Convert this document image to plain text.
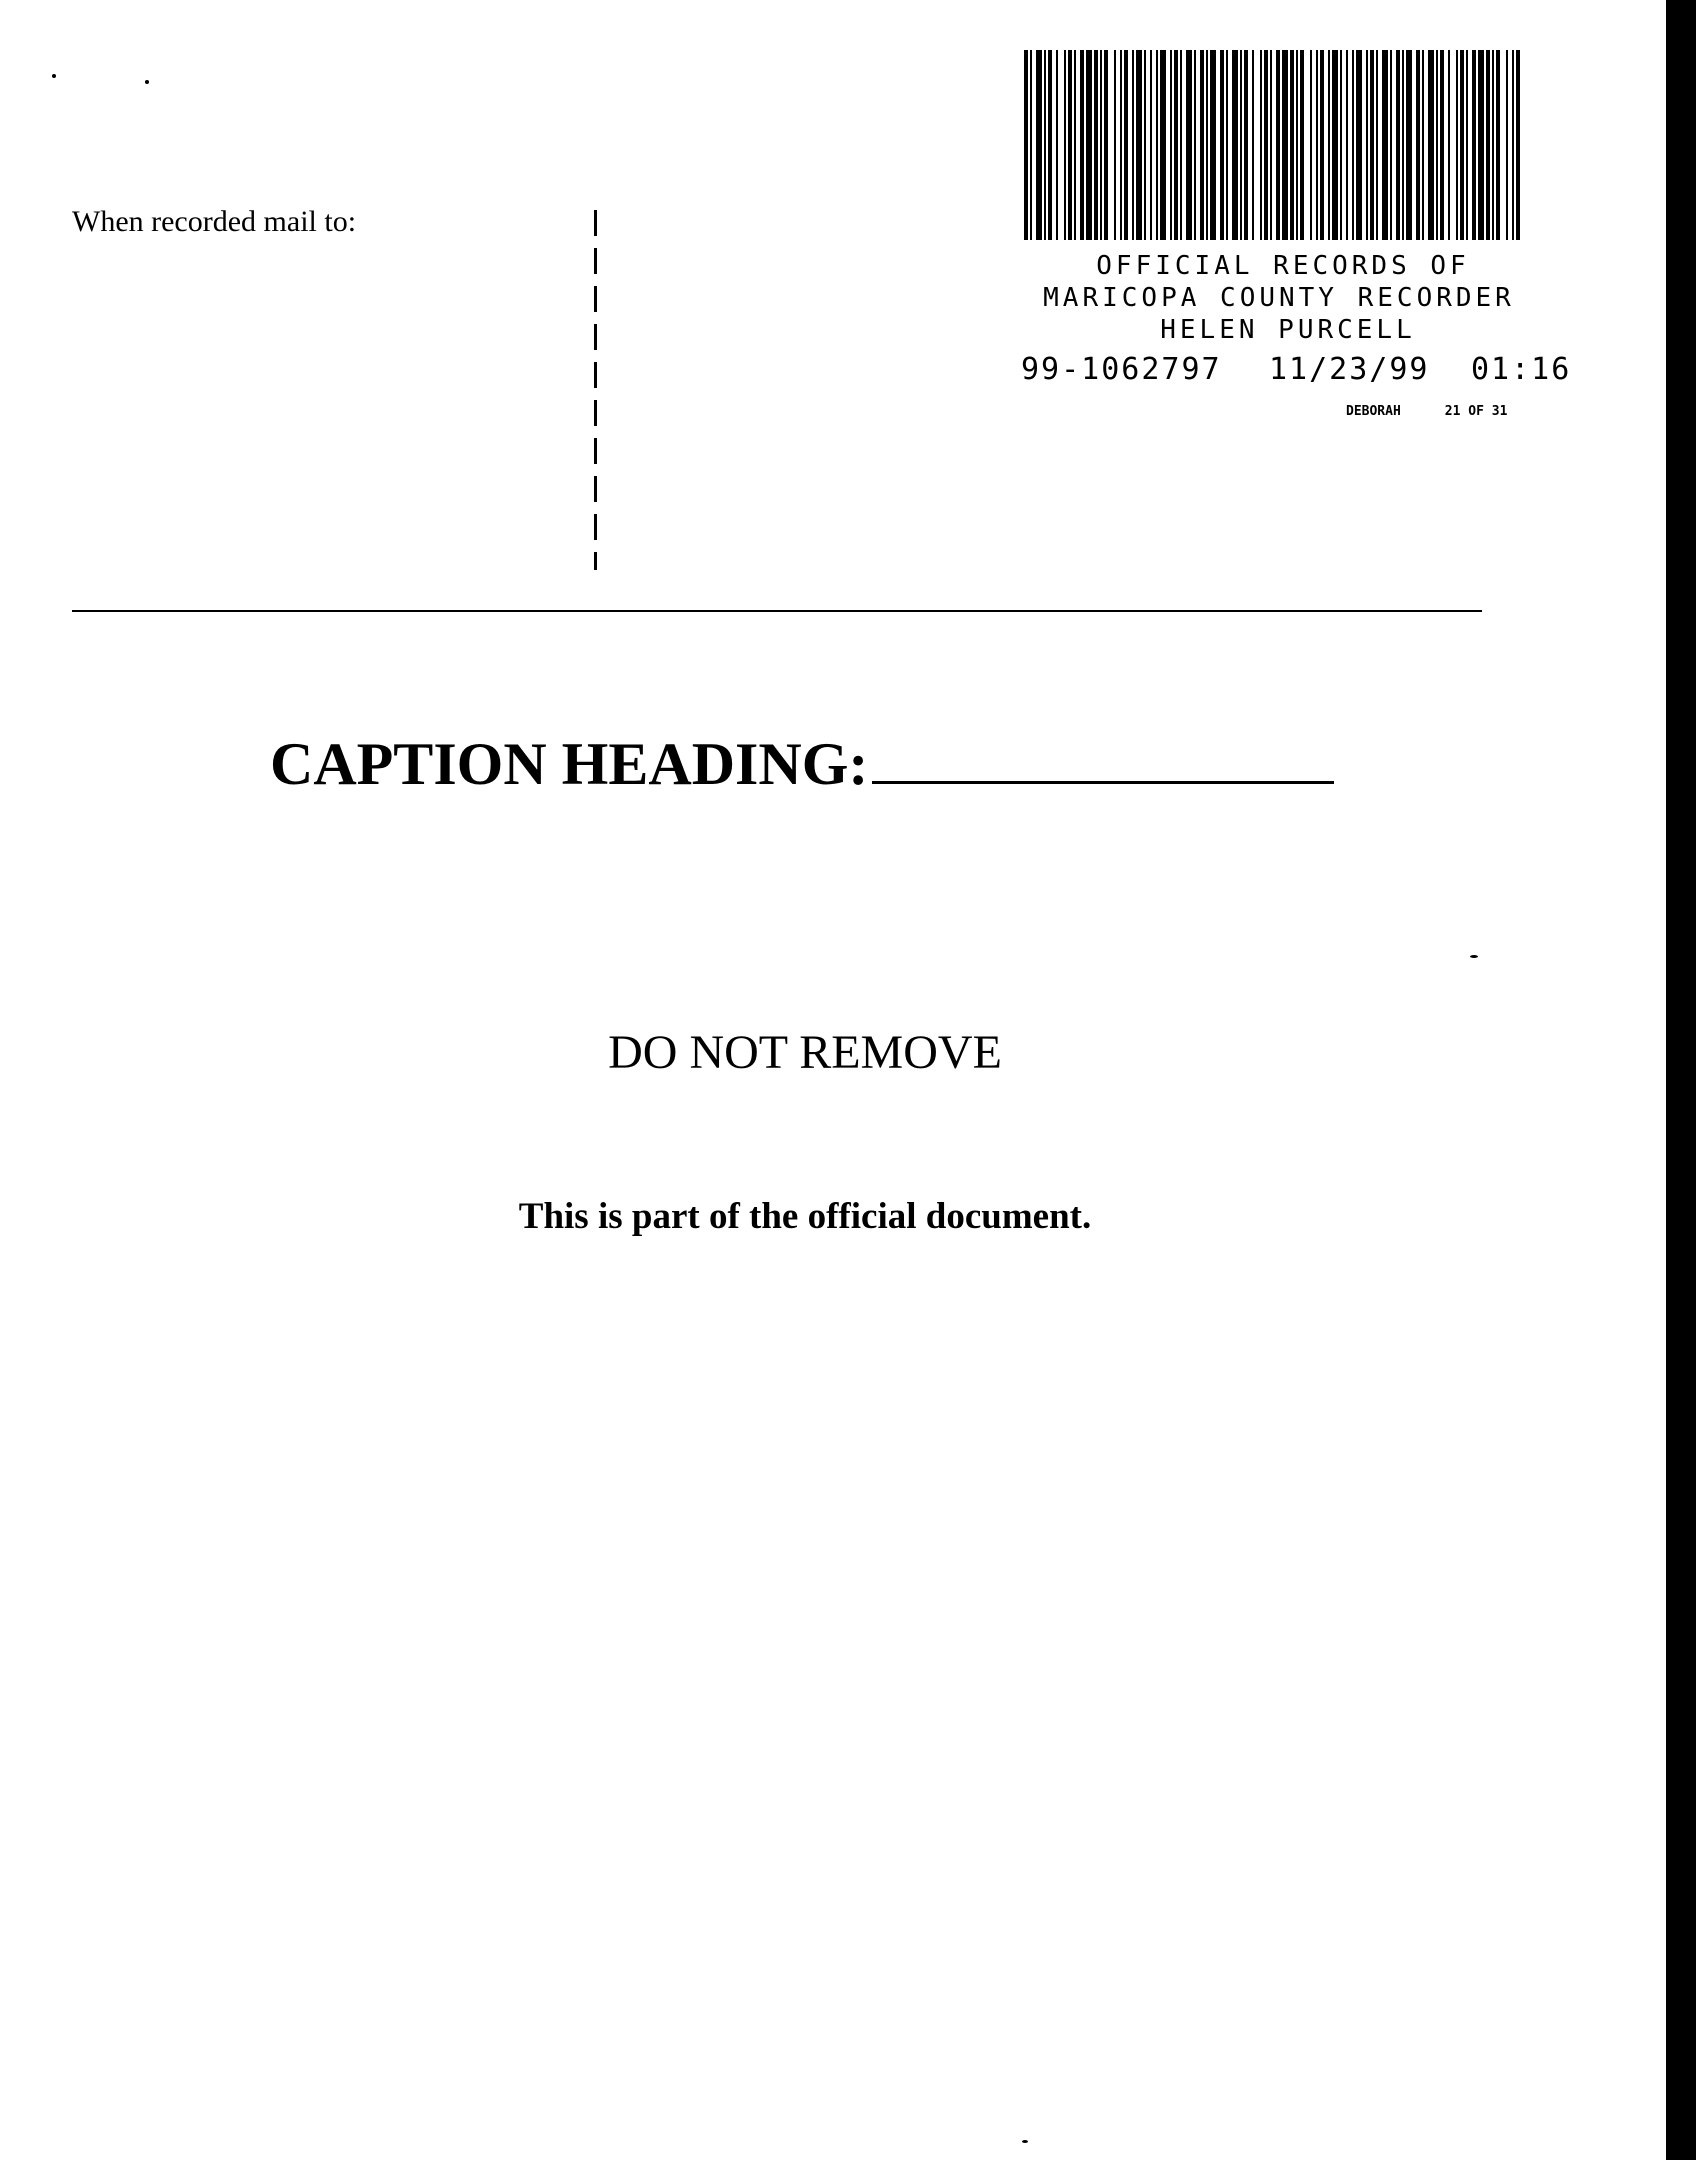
When recorded mail to:
OFFICIAL RECORDS OF
MARICOPA COUNTY RECORDER
HELEN PURCELL
99-1062797 11/23/99 01:16
DEBORAH	21 OF 31
CAPTION HEADING:
DO NOT REMOVE
This is part of the official document.
